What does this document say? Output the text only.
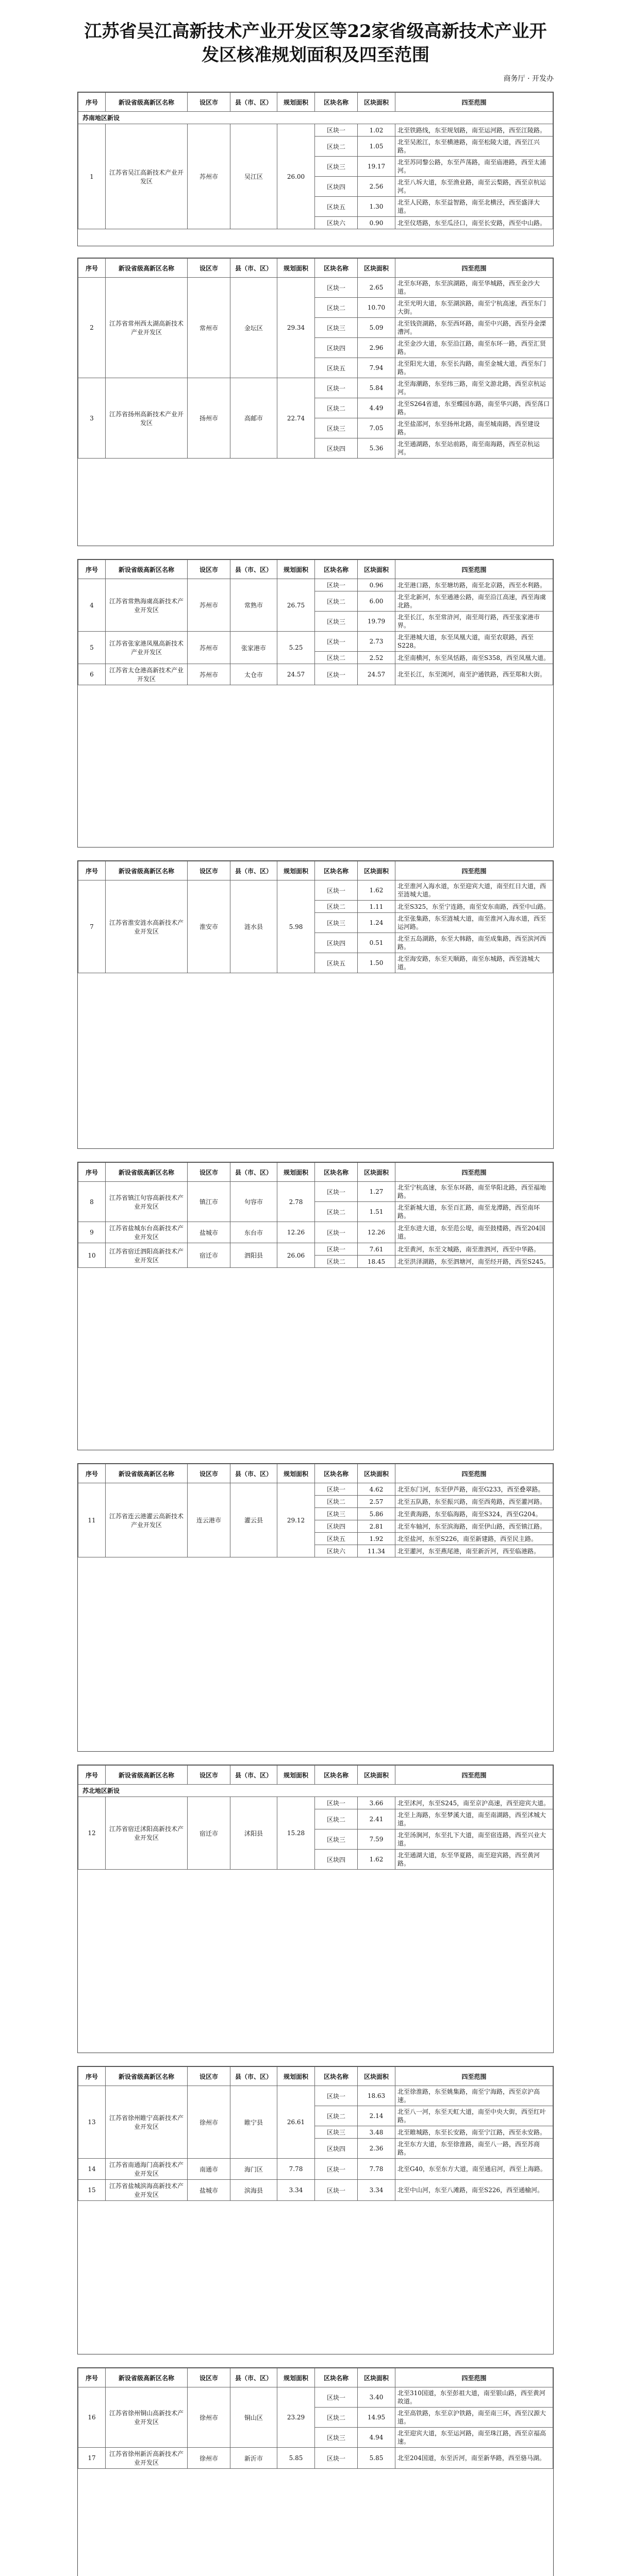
江苏省吴江高新技术产业开发区等22家省级高新技术产业开发区核准规划面积及四至范围
商务厅 · 开发办
序号	新设省级高新区名称	设区市	县（市、区）	规划面积	区块名称	区块面积	四至范围
苏南地区新设							
1	江苏省吴江高新技术产业开发区	苏州市	吴江区	26.00	区块一	1.02	北至铁路线，东至规划路，南至运河路，西至江陵路。
					区块二	1.05	北至吴淞江，东至横港路，南至松陵大道，西至江兴路。
					区块三	19.17	北至苏同黎公路，东至芦荡路，南至庙港路，西至太浦河。
					区块四	2.56	北至八坼大道，东至渔业路，南至云梨路，西至京杭运河。
					区块五	1.30	北至人民路，东至益智路，南至北横泾，西至盛泽大道。
					区块六	0.90	北至仪塔路，东至瓜泾口，南至长安路，西至中山路。
序号	新设省级高新区名称	设区市	县（市、区）	规划面积	区块名称	区块面积	四至范围
2	江苏省常州西太湖高新技术产业开发区	常州市	金坛区	29.34	区块一	2.65	北至东环路，东至滨湖路，南至华城路，西至金沙大道。
					区块二	10.70	北至光明大道，东至湖滨路，南至宁杭高速，西至东门大街。
					区块三	5.09	北至钱资湖路，东至西环路，南至中兴路，西至丹金溧漕河。
					区块四	2.96	北至金沙大道，东至沿江路，南至东环一路，西至汇贤路。
					区块五	7.94	北至阳光大道，东至长沟路，南至金城大道，西至东门路。
3	江苏省扬州高新技术产业开发区	扬州市	高邮市	22.74	区块一	5.84	北至海潮路，东至纬三路，南至文游北路，西至京杭运河。
					区块二	4.49	北至S264省道，东至蝶园东路，南至华兴路，西至荡口路。
					区块三	7.05	北至盐邵河，东至扬州北路，南至城南路，西至建设路。
					区块四	5.36	北至通湖路，东至站前路，南至南海路，西至京杭运河。
序号	新设省级高新区名称	设区市	县（市、区）	规划面积	区块名称	区块面积	四至范围
4	江苏省常熟海虞高新技术产业开发区	苏州市	常熟市	26.75	区块一	0.96	北至港口路，东至塘坊路，南至北京路，西至水利路。
					区块二	6.00	北至北新河，东至通港公路，南至沿江高速，西至海虞北路。
					区块三	19.79	北至长江，东至常浒河，南至周行路，西至张家港市界。
5	江苏省张家港凤凰高新技术产业开发区	苏州市	张家港市	5.25	区块一	2.73	北至港城大道，东至凤凰大道，南至农联路，西至S228。
					区块二	2.52	北至南横河，东至凤恬路，南至S358，西至凤凰大道。
6	江苏省太仓港高新技术产业开发区	苏州市	太仓市	24.57	区块一	24.57	北至长江，东至浏河，南至沪通铁路，西至郑和大街。
序号	新设省级高新区名称	设区市	县（市、区）	规划面积	区块名称	区块面积	四至范围
7	江苏省淮安涟水高新技术产业开发区	淮安市	涟水县	5.98	区块一	1.62	北至淮河入海水道，东至迎宾大道，南至红日大道，西至涟城大道。
					区块二	1.11	北至S325，东至宁连路，南至安东南路，西至中山路。
					区块三	1.24	北至张集路，东至涟城大道，南至淮河入海水道，西至运河路。
					区块四	0.51	北至五岛湖路，东至大韩路，南至成集路，西至滨河西路。
					区块五	1.50	北至海安路，东至天顺路，南至东城路，西至涟城大道。
序号	新设省级高新区名称	设区市	县（市、区）	规划面积	区块名称	区块面积	四至范围
8	江苏省镇江句容高新技术产业开发区	镇江市	句容市	2.78	区块一	1.27	北至宁杭高速，东至东环路，南至华阳北路，西至福地路。
					区块二	1.51	北至新城大道，东至百汇路，南至龙潭路，西至南环路。
9	江苏省盐城东台高新技术产业开发区	盐城市	东台市	12.26	区块一	12.26	北至东进大道，东至范公堤，南至鼓楼路，西至204国道。
10	江苏省宿迁泗阳高新技术产业开发区	宿迁市	泗阳县	26.06	区块一	7.61	北至黄河，东至文城路，南至淮泗河，西至中华路。
					区块二	18.45	北至洪泽湖路，东至泗塘河，南至经开路，西至S245。
序号	新设省级高新区名称	设区市	县（市、区）	规划面积	区块名称	区块面积	四至范围
11	江苏省连云港灌云高新技术产业开发区	连云港市	灌云县	29.12	区块一	4.62	北至东门河，东至伊芦路，南至G233，西至叠翠路。
					区块二	2.57	北至五队路，东至振兴路，南至西苑路，西至灌河路。
					区块三	5.86	北至黄海路，东至临海路，南至S324，西至G204。
					区块四	2.81	北至车轴河，东至滨海路，南至伊山路，西至镇江路。
					区块五	1.92	北至盐河，东至S226，南至新建路，西至民主路。
					区块六	11.34	北至灌河，东至燕尾港，南至新沂河，西至临港路。
序号	新设省级高新区名称	设区市	县（市、区）	规划面积	区块名称	区块面积	四至范围
苏北地区新设							
12	江苏省宿迁沭阳高新技术产业开发区	宿迁市	沭阳县	15.28	区块一	3.66	北至沭河，东至S245，南至京沪高速，西至迎宾大道。
					区块二	2.41	北至上海路，东至梦溪大道，南至南湖路，西至沭城大道。
					区块三	7.59	北至汤涧河，东至扎下大道，南至宿连路，西至兴业大道。
					区块四	1.62	北至通湖大道，东至华夏路，南至迎宾路，西至黄河路。
序号	新设省级高新区名称	设区市	县（市、区）	规划面积	区块名称	区块面积	四至范围
13	江苏省徐州睢宁高新技术产业开发区	徐州市	睢宁县	26.61	区块一	18.63	北至徐淮路，东至姚集路，南至宁海路，西至京沪高速。
					区块二	2.14	北至八一河，东至天虹大道，南至中央大街，西至红叶路。
					区块三	3.48	北至睢城路，东至长安路，南至宁江路，西至永安路。
					区块四	2.36	北至东方大道，东至徐淮路，南至八一路，西至苏商路。
14	江苏省南通海门高新技术产业开发区	南通市	海门区	7.78	区块一	7.78	北至G40，东至东方大道，南至通启河，西至上海路。
15	江苏省盐城滨海高新技术产业开发区	盐城市	滨海县	3.34	区块一	3.34	北至中山河，东至八滩路，南至S226，西至通榆河。
序号	新设省级高新区名称	设区市	县（市、区）	规划面积	区块名称	区块面积	四至范围
16	江苏省徐州铜山高新技术产业开发区	徐州市	铜山区	23.29	区块一	3.40	北至310国道，东至彭祖大道，南至银山路，西至黄河故道。
					区块二	14.95	北至高铁路，东至京沪铁路，南至南三环，西至汉源大道。
					区块三	4.94	北至迎宾大道，东至运河路，南至珠江路，西至京福高速。
17	江苏省徐州新沂高新技术产业开发区	徐州市	新沂市	5.85	区块一	5.85	北至204国道，东至沂河，南至新华路，西至骆马湖。
